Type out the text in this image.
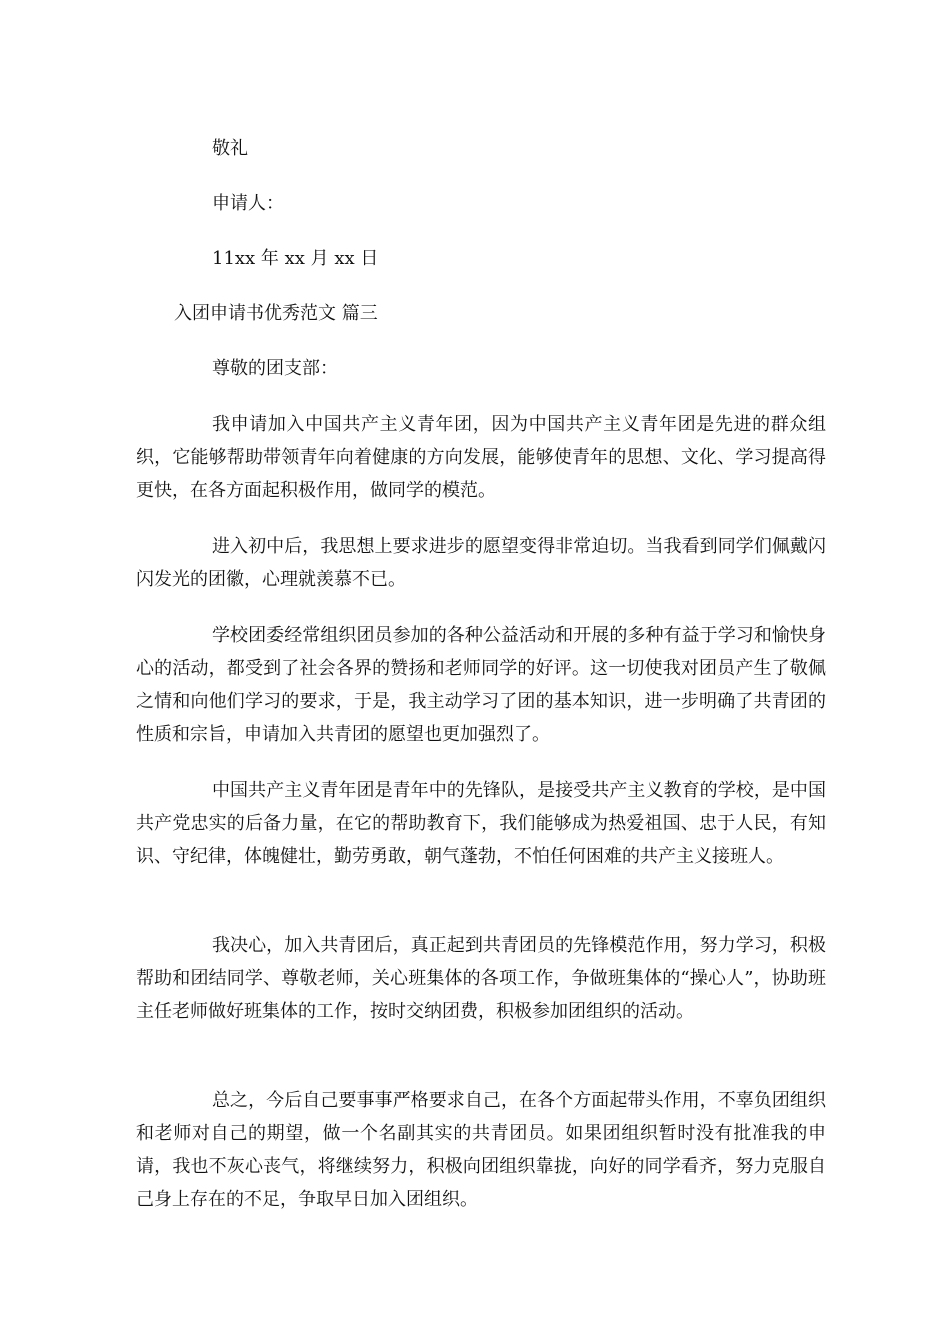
敬礼
申请人：
11xx 年 xx 月 xx 日
入团申请书优秀范文 篇三
尊敬的团支部：
我申请加入中国共产主义青年团，因为中国共产主义青年团是先进的群众组织，它能够帮助带领青年向着健康的方向发展，能够使青年的思想、文化、学习提高得更快，在各方面起积极作用，做同学的模范。
进入初中后，我思想上要求进步的愿望变得非常迫切。当我看到同学们佩戴闪闪发光的团徽，心理就羡慕不已。
学校团委经常组织团员参加的各种公益活动和开展的多种有益于学习和愉快身心的活动，都受到了社会各界的赞扬和老师同学的好评。这一切使我对团员产生了敬佩之情和向他们学习的要求，于是，我主动学习了团的基本知识，进一步明确了共青团的性质和宗旨，申请加入共青团的愿望也更加强烈了。
中国共产主义青年团是青年中的先锋队，是接受共产主义教育的学校，是中国共产党忠实的后备力量，在它的帮助教育下，我们能够成为热爱祖国、忠于人民，有知识、守纪律，体魄健壮，勤劳勇敢，朝气蓬勃，不怕任何困难的共产主义接班人。
我决心，加入共青团后，真正起到共青团员的先锋模范作用，努力学习，积极帮助和团结同学、尊敬老师，关心班集体的各项工作，争做班集体的“操心人”，协助班主任老师做好班集体的工作，按时交纳团费，积极参加团组织的活动。
总之，今后自己要事事严格要求自己，在各个方面起带头作用，不辜负团组织和老师对自己的期望，做一个名副其实的共青团员。如果团组织暂时没有批准我的申请，我也不灰心丧气，将继续努力，积极向团组织靠拢，向好的同学看齐，努力克服自己身上存在的不足，争取早日加入团组织。
